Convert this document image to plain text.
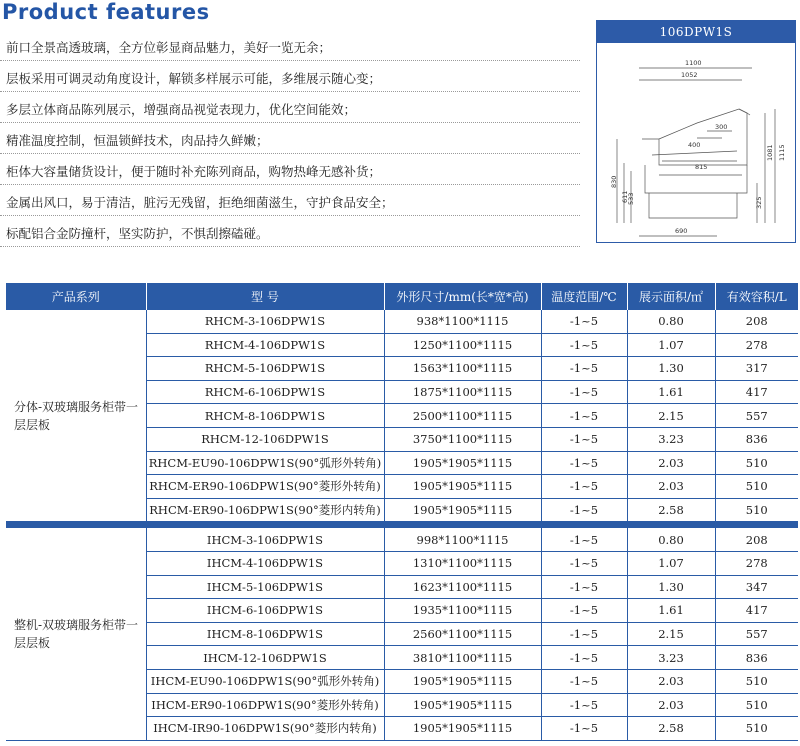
Product features
前口全景高透玻璃，全方位彰显商品魅力，美好一览无余；
层板采用可调灵动角度设计，解锁多样展示可能，多维展示随心变；
多层立体商品陈列展示，增强商品视觉表现力，优化空间能效；
精准温度控制，恒温锁鲜技术，肉品持久鲜嫩；
柜体大容量储货设计，便于随时补充陈列商品，购物热峰无感补货；
金属出风口，易于清洁，脏污无残留，拒绝细菌滋生，守护食品安全；
标配铝合金防撞杆，坚实防护，不惧刮擦磕碰。
106DPW1S
1100
1052
400
300
815
830
611
533
1081 1115
325
690
产品系列	型 号	外形尺寸/mm(长*宽*高)	温度范围/℃	展示面积/㎡	有效容积/L
分体-双玻璃服务柜带一层层板	RHCM-3-106DPW1S	938*1100*1115	-1~5	0.80	208
	RHCM-4-106DPW1S	1250*1100*1115	-1~5	1.07	278
	RHCM-5-106DPW1S	1563*1100*1115	-1~5	1.30	317
	RHCM-6-106DPW1S	1875*1100*1115	-1~5	1.61	417
	RHCM-8-106DPW1S	2500*1100*1115	-1~5	2.15	557
	RHCM-12-106DPW1S	3750*1100*1115	-1~5	3.23	836
	RHCM-EU90-106DPW1S(90°弧形外转角)	1905*1905*1115	-1~5	2.03	510
	RHCM-ER90-106DPW1S(90°菱形外转角)	1905*1905*1115	-1~5	2.03	510
	RHCM-ER90-106DPW1S(90°菱形内转角)	1905*1905*1115	-1~5	2.58	510

整机-双玻璃服务柜带一层层板	IHCM-3-106DPW1S	998*1100*1115	-1~5	0.80	208
	IHCM-4-106DPW1S	1310*1100*1115	-1~5	1.07	278
	IHCM-5-106DPW1S	1623*1100*1115	-1~5	1.30	347
	IHCM-6-106DPW1S	1935*1100*1115	-1~5	1.61	417
	IHCM-8-106DPW1S	2560*1100*1115	-1~5	2.15	557
	IHCM-12-106DPW1S	3810*1100*1115	-1~5	3.23	836
	IHCM-EU90-106DPW1S(90°弧形外转角)	1905*1905*1115	-1~5	2.03	510
	IHCM-ER90-106DPW1S(90°菱形外转角)	1905*1905*1115	-1~5	2.03	510
	IHCM-IR90-106DPW1S(90°菱形内转角)	1905*1905*1115	-1~5	2.58	510
